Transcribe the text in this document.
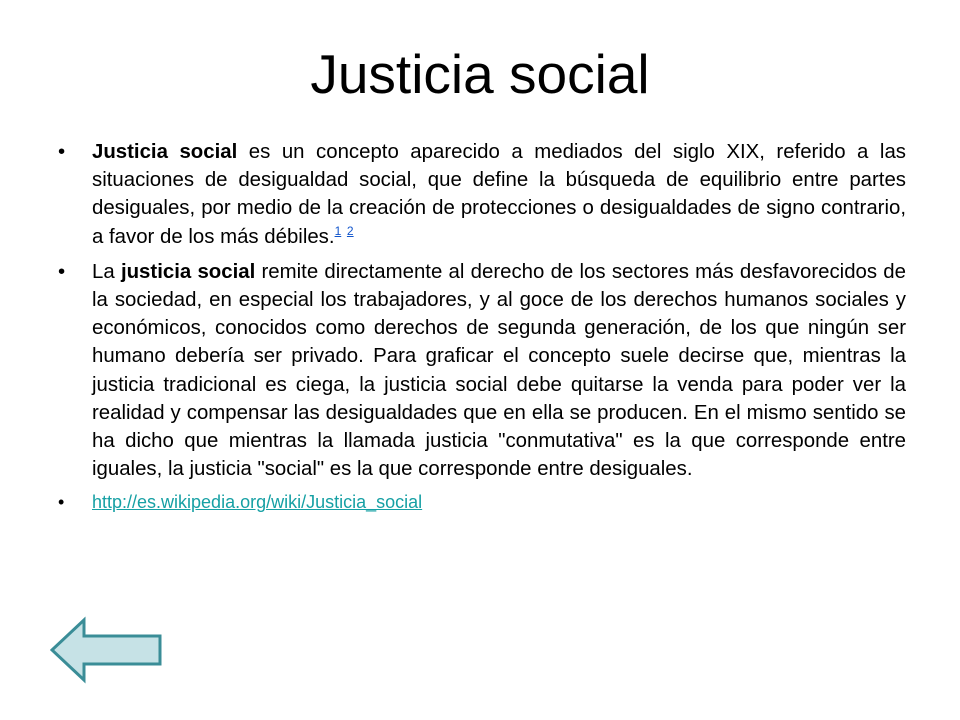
Justicia social
• Justicia social es un concepto aparecido a mediados del siglo XIX, referido a las situaciones de desigualdad social, que define la búsqueda de equilibrio entre partes desiguales, por medio de la creación de protecciones o desigualdades de signo contrario, a favor de los más débiles.$^1$ $^2$
• La justicia social remite directamente al derecho de los sectores más desfavorecidos de la sociedad, en especial los trabajadores, y al goce de los derechos humanos sociales y económicos, conocidos como derechos de segunda generación, de los que ningún ser humano debería ser privado. Para graficar el concepto suele decirse que, mientras la justicia tradicional es ciega, la justicia social debe quitarse la venda para poder ver la realidad y compensar las desigualdades que en ella se producen. En el mismo sentido se ha dicho que mientras la llamada justicia "conmutativa" es la que corresponde entre iguales, la justicia "social" es la que corresponde entre desiguales.
• http://es.wikipedia.org/wiki/Justicia_social
